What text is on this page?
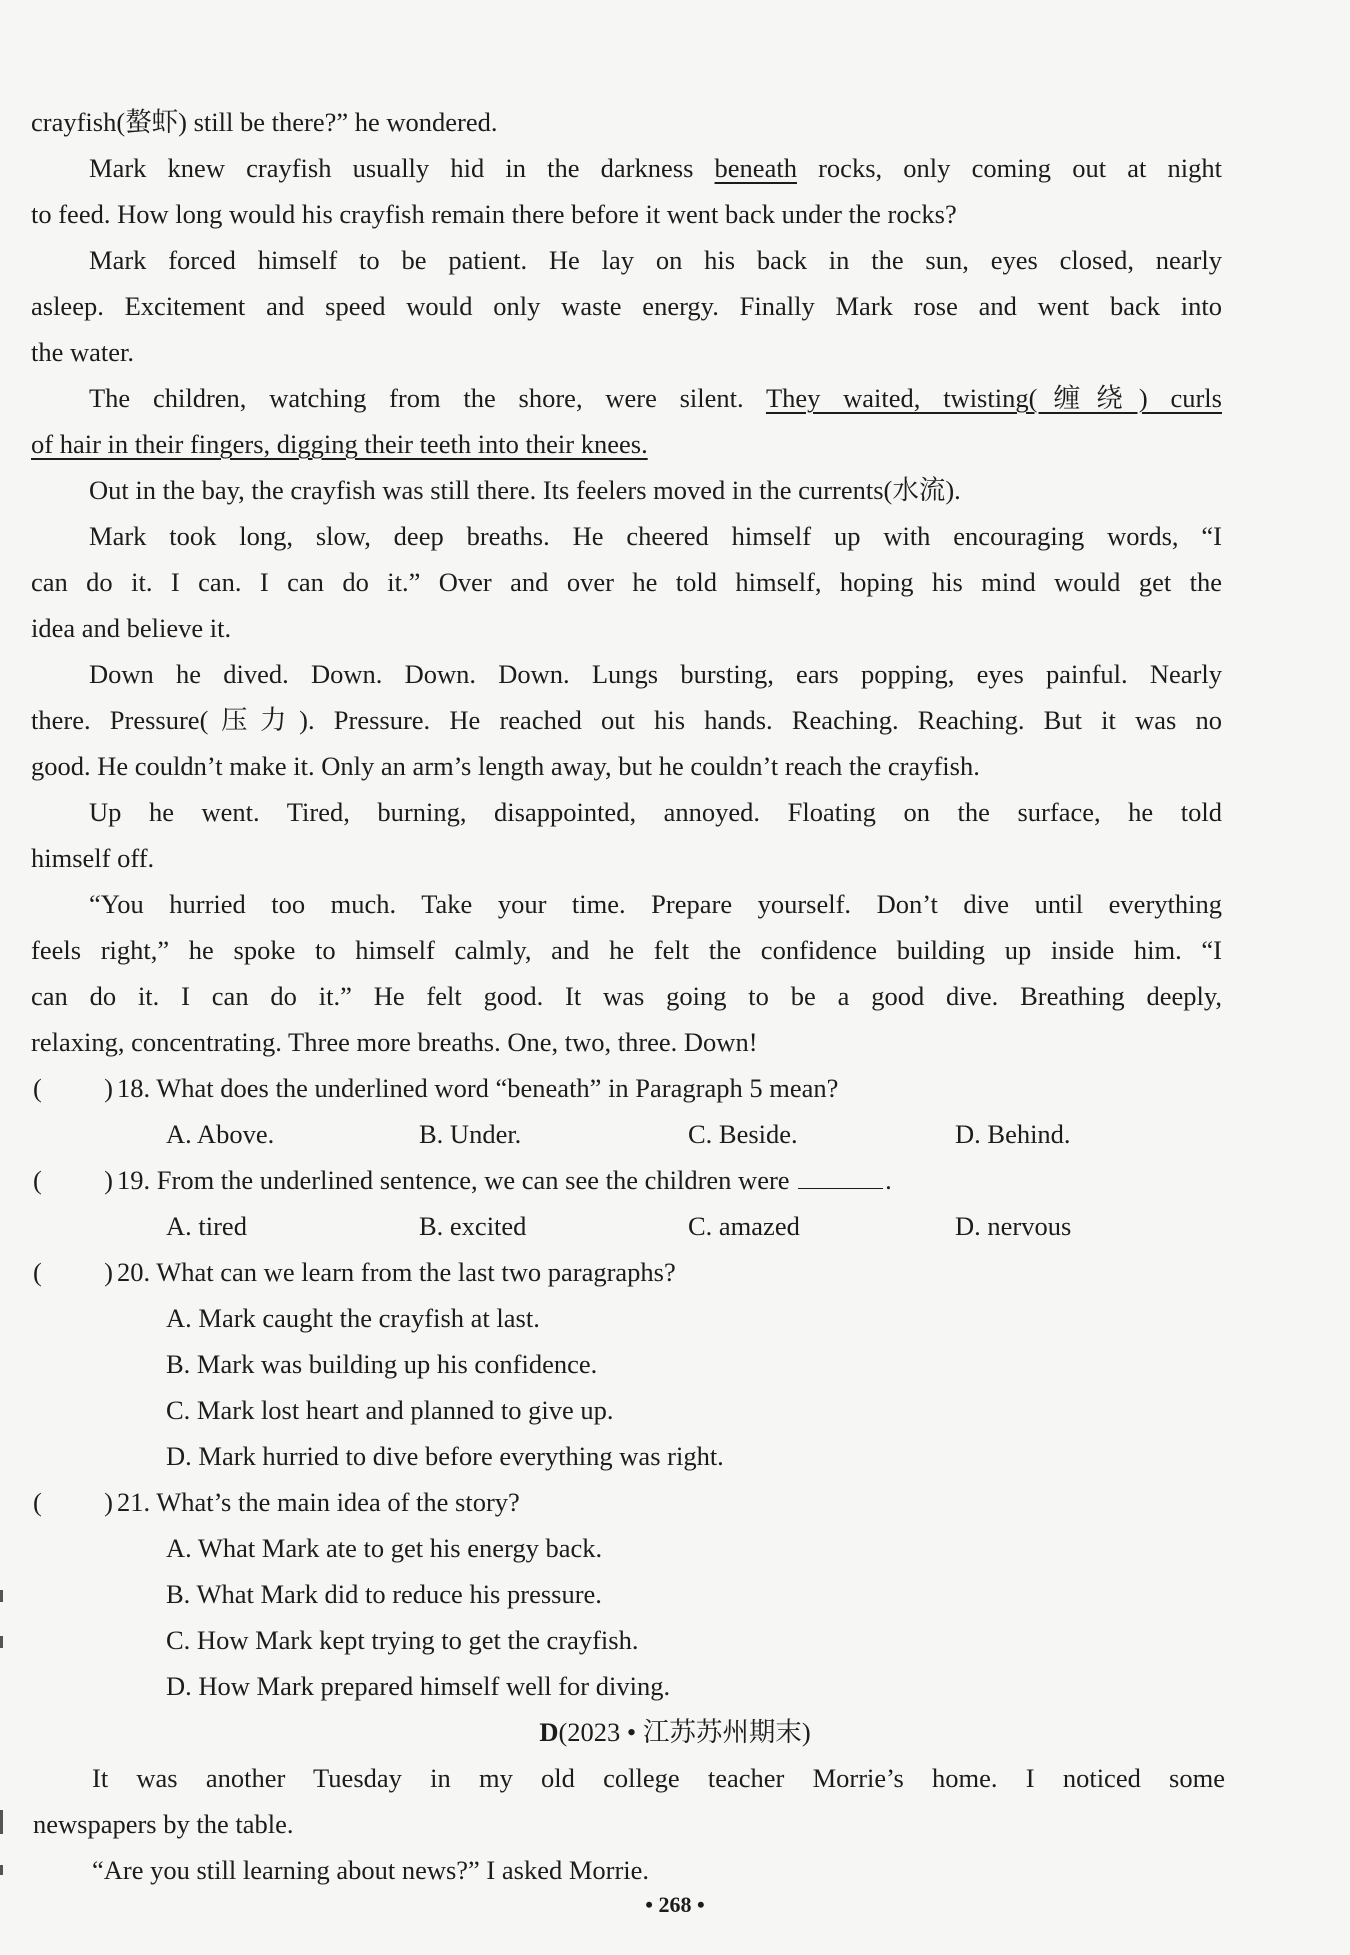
crayfish(螯虾) still be there?” he wondered.
Mark knew crayfish usually hid in the darkness beneath rocks, only coming out at night
to feed. How long would his crayfish remain there before it went back under the rocks?
Mark forced himself to be patient. He lay on his back in the sun, eyes closed, nearly
asleep. Excitement and speed would only waste energy. Finally Mark rose and went back into
the water.
The children, watching from the shore, were silent. They waited, twisting(缠绕) curls
of hair in their fingers, digging their teeth into their knees.
Out in the bay, the crayfish was still there. Its feelers moved in the currents(水流).
Mark took long, slow, deep breaths. He cheered himself up with encouraging words, “I
can do it. I can. I can do it.” Over and over he told himself, hoping his mind would get the
idea and believe it.
Down he dived. Down. Down. Down. Lungs bursting, ears popping, eyes painful. Nearly
there. Pressure(压力). Pressure. He reached out his hands. Reaching. Reaching. But it was no
good. He couldn’t make it. Only an arm’s length away, but he couldn’t reach the crayfish.
Up he went. Tired, burning, disappointed, annoyed. Floating on the surface, he told
himself off.
“You hurried too much. Take your time. Prepare yourself. Don’t dive until everything
feels right,” he spoke to himself calmly, and he felt the confidence building up inside him. “I
can do it. I can do it.” He felt good. It was going to be a good dive. Breathing deeply,
relaxing, concentrating. Three more breaths. One, two, three. Down!
( ) 18. What does the underlined word “beneath” in Paragraph 5 mean?
A. Above.	B. Under.	C. Beside.	D. Behind.
( ) 19. From the underlined sentence, we can see the children were	.
A. tired	B. excited	C. amazed	D. nervous
( ) 20. What can we learn from the last two paragraphs?
A. Mark caught the crayfish at last.
B. Mark was building up his confidence.
C. Mark lost heart and planned to give up.
D. Mark hurried to dive before everything was right.
( ) 21. What’s the main idea of the story?
A. What Mark ate to get his energy back.
B. What Mark did to reduce his pressure.
C. How Mark kept trying to get the crayfish.
D. How Mark prepared himself well for diving.
D(2023 • 江苏苏州期末)
It was another Tuesday in my old college teacher Morrie’s home. I noticed some
newspapers by the table.
“Are you still learning about news?” I asked Morrie.
• 268 •
